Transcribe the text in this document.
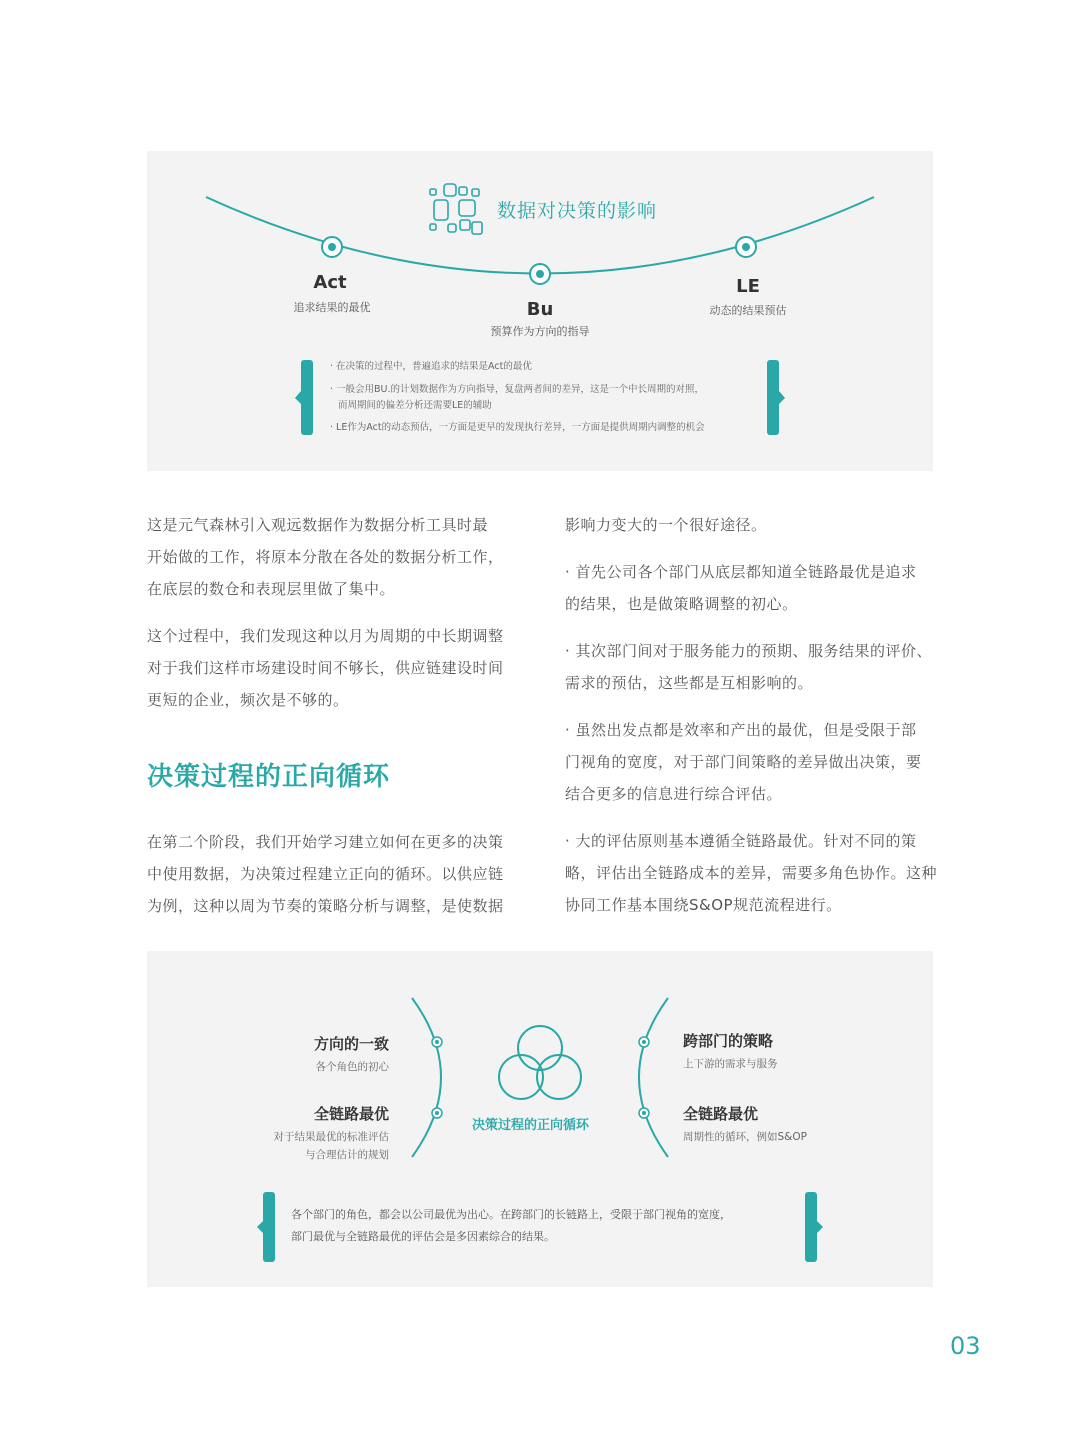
数据对决策的影响
Act
追求结果的最优	Bu
预算作为方向的指导
LE
动态的结果预估
· 在决策的过程中，普遍追求的结果是Act的最优
· 一般会用BU.的计划数据作为方向指导，复盘两者间的差异，这是一个中长周期的对照，
而周期间的偏差分析还需要LE的辅助
· LE作为Act的动态预估，一方面是更早的发现执行差异，一方面是提供周期内调整的机会

这是元气森林引入观远数据作为数据分析工具时最
开始做的工作，将原本分散在各处的数据分析工作，
在底层的数仓和表现层里做了集中。

这个过程中，我们发现这种以月为周期的中长期调整
对于我们这样市场建设时间不够长，供应链建设时间
更短的企业，频次是不够的。

决策过程的正向循环

在第二个阶段，我们开始学习建立如何在更多的决策
中使用数据，为决策过程建立正向的循环。以供应链
为例，这种以周为节奏的策略分析与调整，是使数据

影响力变大的一个很好途径。

· 首先公司各个部门从底层都知道全链路最优是追求
的结果，也是做策略调整的初心。

· 其次部门间对于服务能力的预期、服务结果的评价、
需求的预估，这些都是互相影响的。

· 虽然出发点都是效率和产出的最优，但是受限于部
门视角的宽度，对于部门间策略的差异做出决策，要
结合更多的信息进行综合评估。

· 大的评估原则基本遵循全链路最优。针对不同的策
略，评估出全链路成本的差异，需要多角色协作。这种
协同工作基本围绕S&OP规范流程进行。

决策过程的正向循环
方向的一致
各个角色的初心
全链路最优
对于结果最优的标准评估
与合理估计的规划
跨部门的策略
上下游的需求与服务
全链路最优
周期性的循环，例如S&OP
各个部门的角色，都会以公司最优为出心。在跨部门的长链路上，受限于部门视角的宽度，
部门最优与全链路最优的评估会是多因素综合的结果。
03
